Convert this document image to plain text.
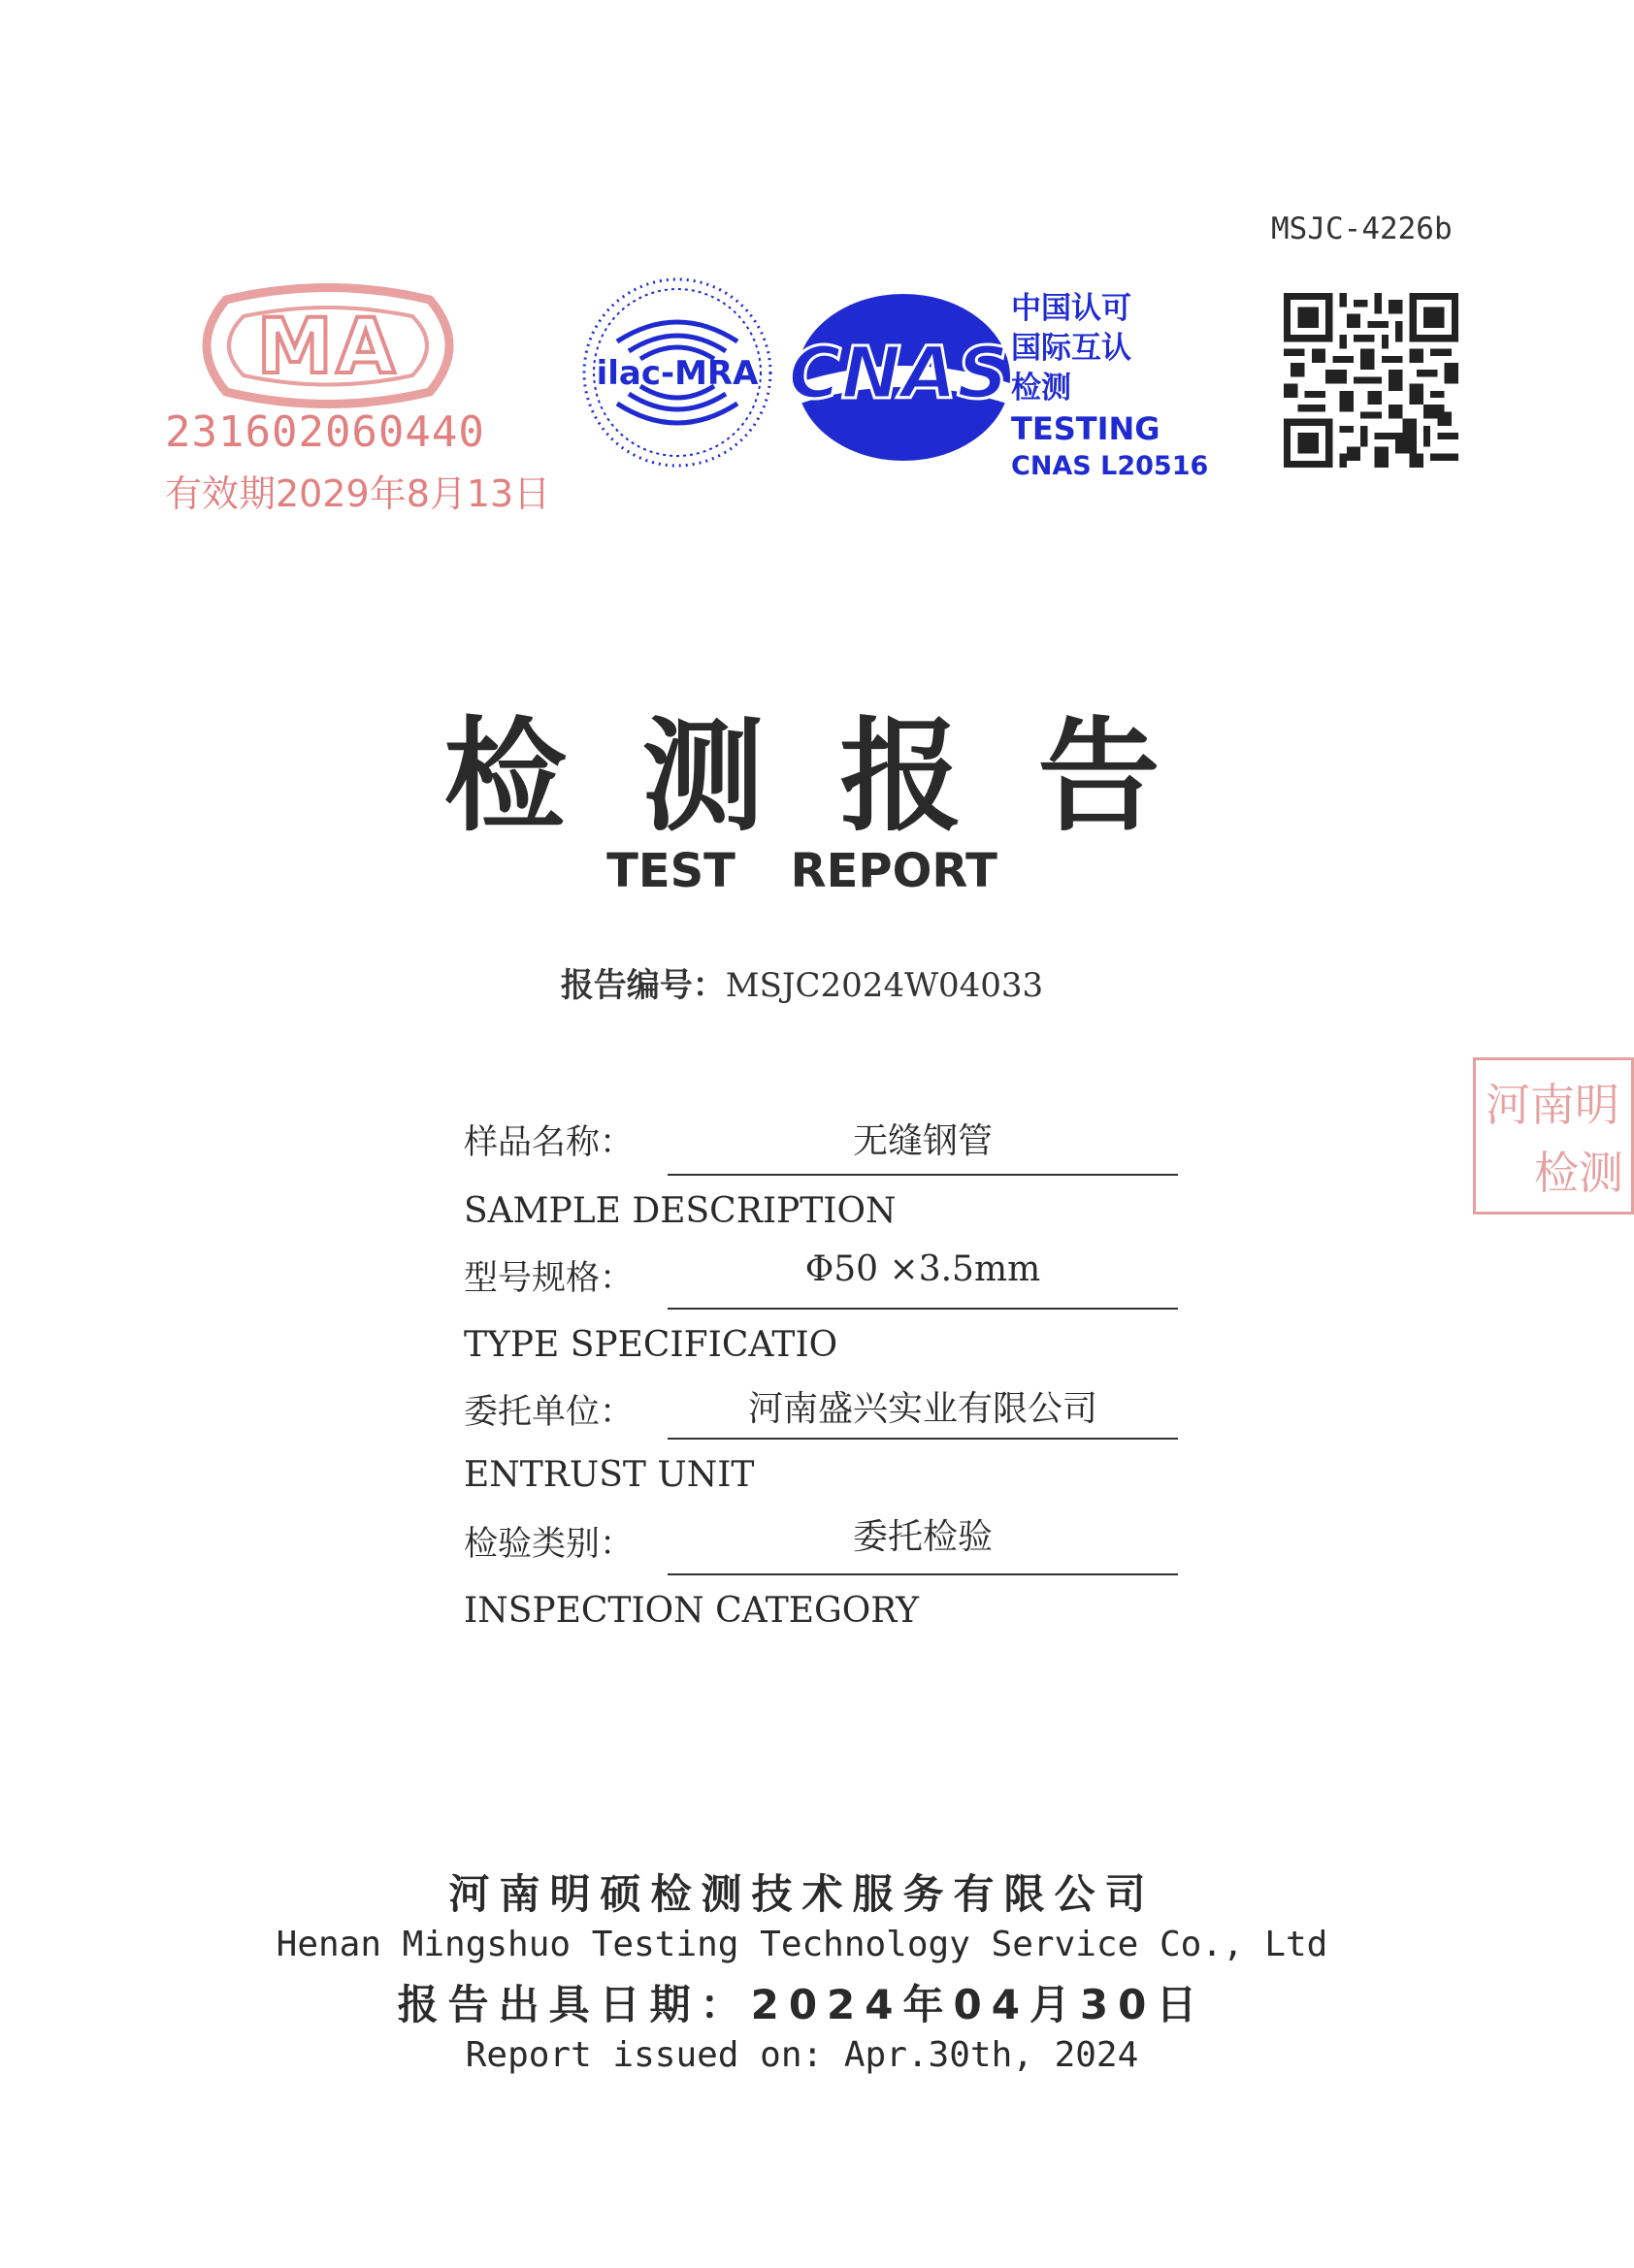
MSJC-4226b
MA
231602060440
有效期2029年8月13日
ilac-MRA CNAS
中国认可
国际互认
检测
TESTING
CNAS L20516
检测报告
TEST REPORT
报告编号：MSJC2024W04033
河南明
检测
样品名称：	无缝钢管
SAMPLE DESCRIPTION
型号规格：	Φ50 ×3.5mm
TYPE SPECIFICATIO
委托单位：	河南盛兴实业有限公司
ENTRUST UNIT
检验类别：	委托检验
INSPECTION CATEGORY
河南明硕检测技术服务有限公司
Henan Mingshuo Testing Technology Service Co., Ltd
报告出具日期：2024年04月30日
Report issued on: Apr.30th, 2024
